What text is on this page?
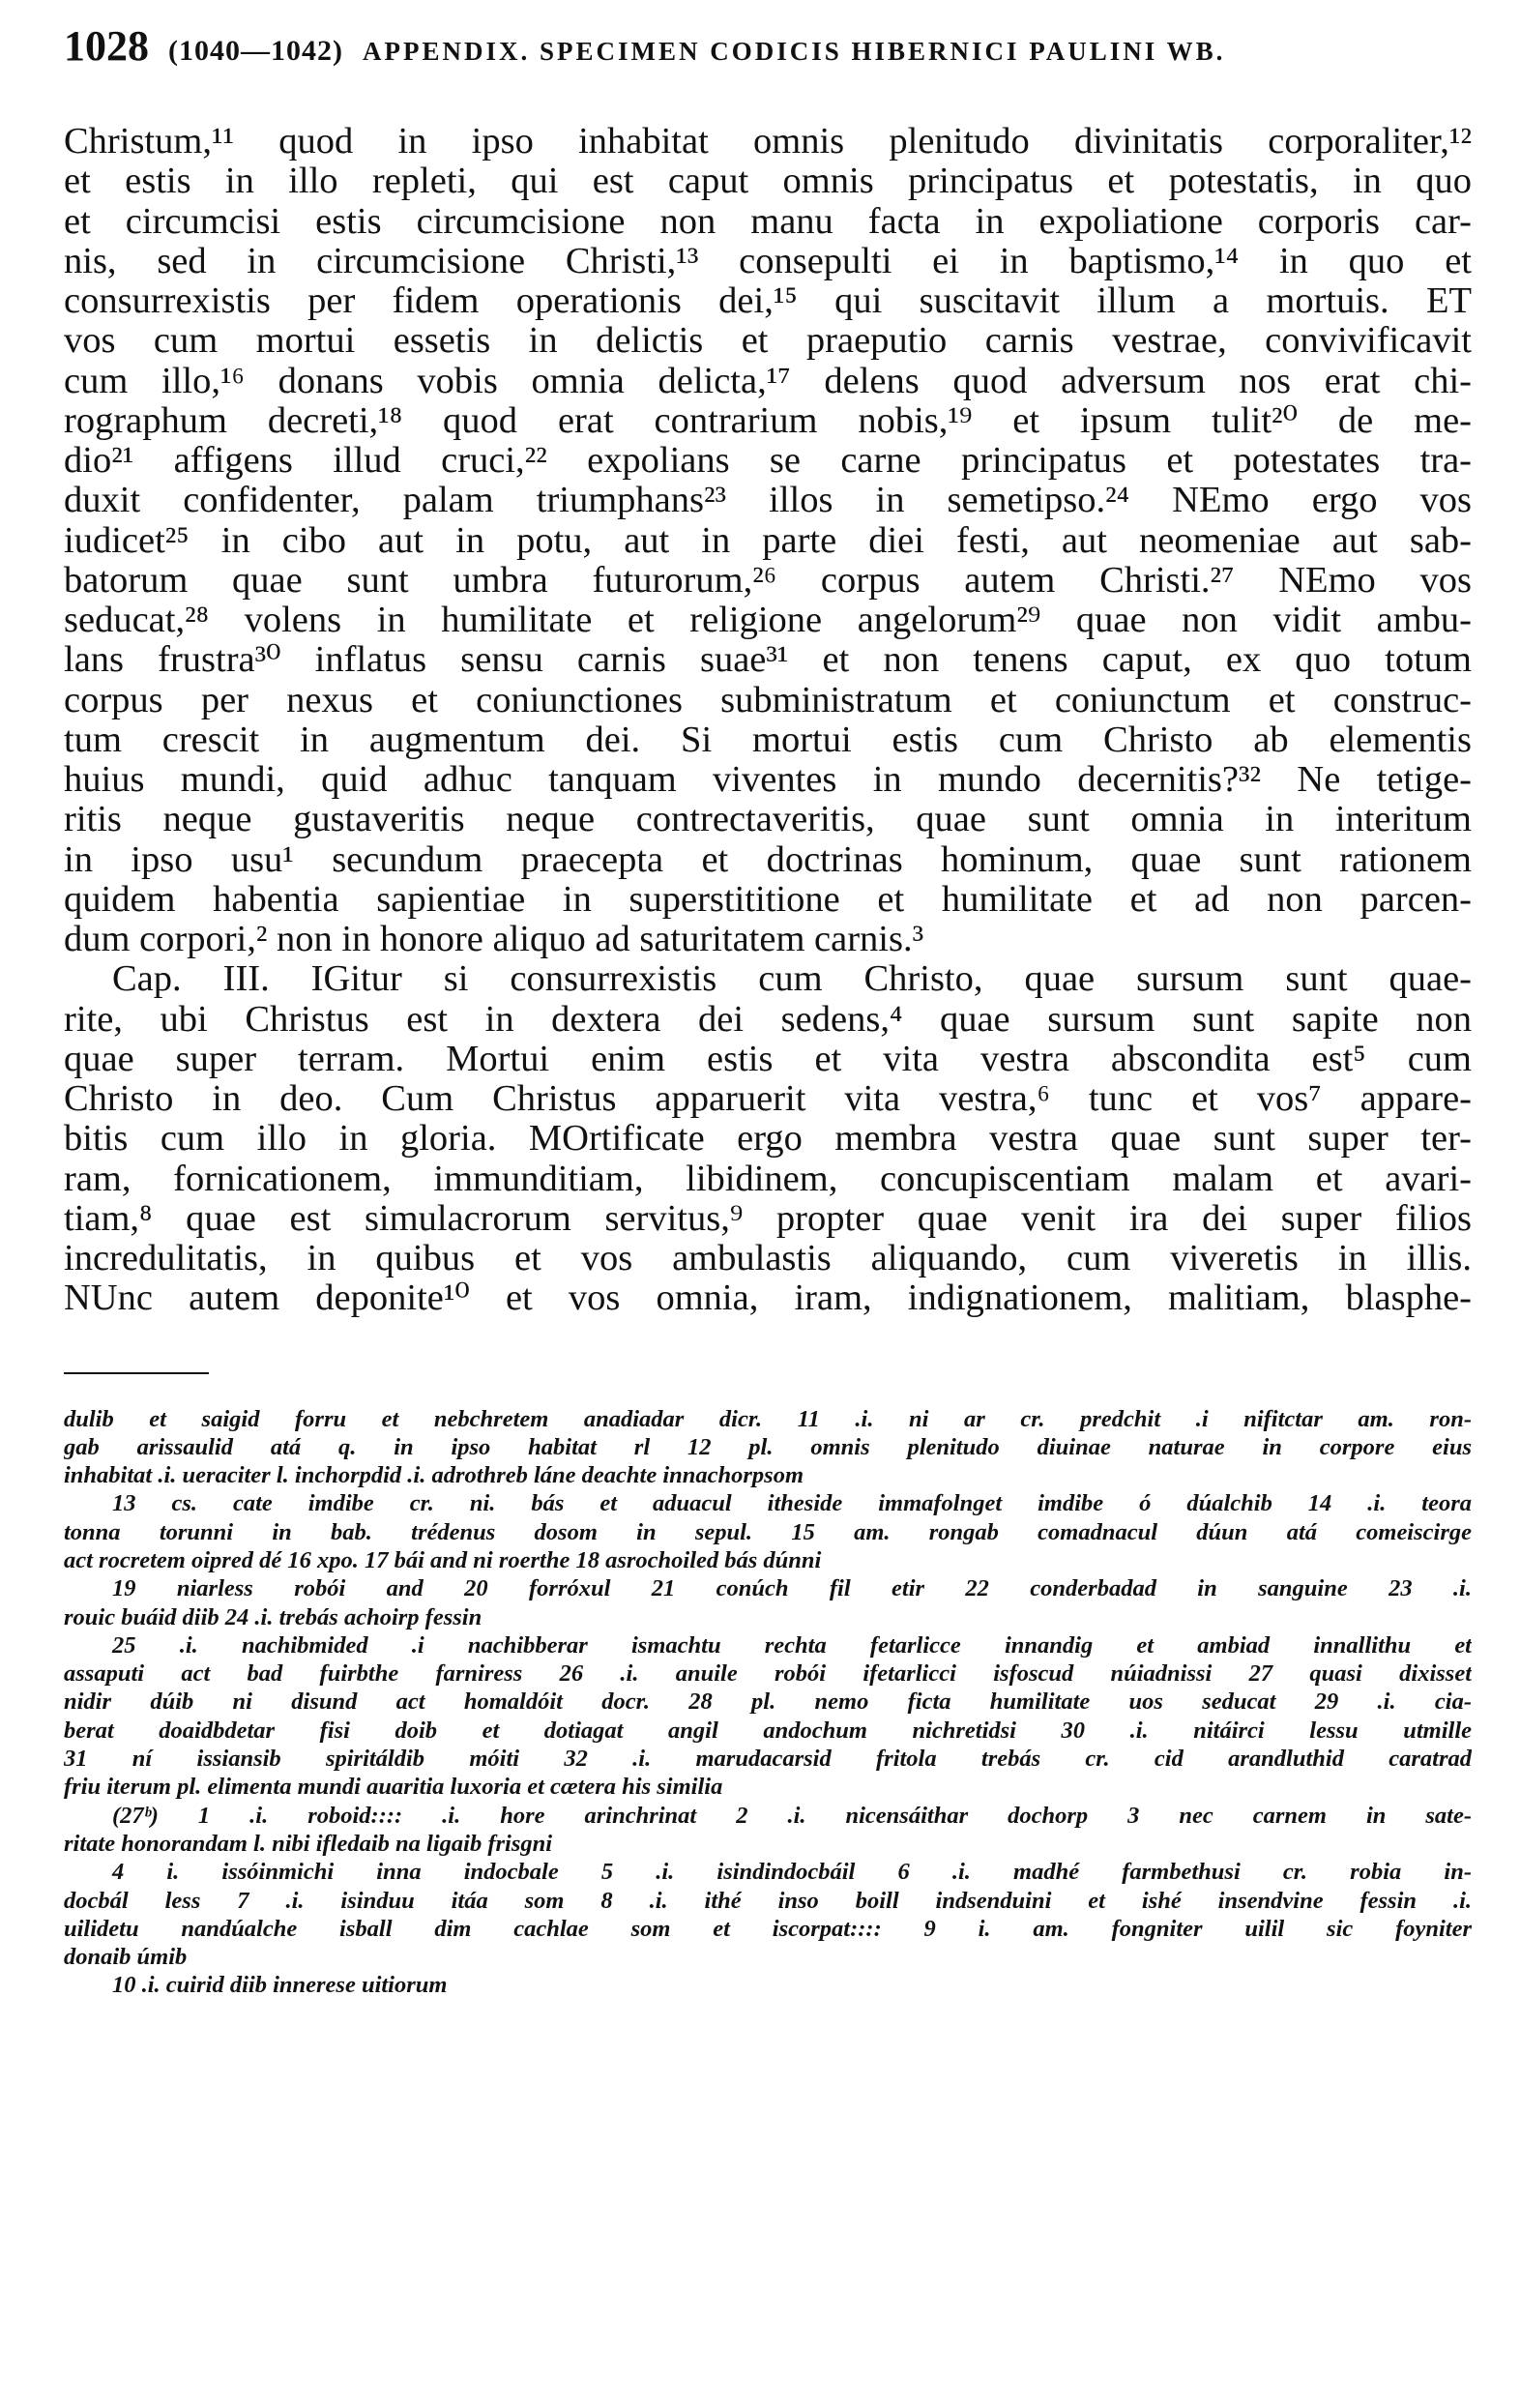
1028 (1040—1042) APPENDIX. SPECIMEN CODICIS HIBERNICI PAULINI WB.
Christum,¹¹ quod in ipso inhabitat omnis plenitudo divinitatis corporaliter,¹²
et estis in illo repleti, qui est caput omnis principatus et potestatis, in quo
et circumcisi estis circumcisione non manu facta in expoliatione corporis car-
nis, sed in circumcisione Christi,¹³ consepulti ei in baptismo,¹⁴ in quo et
consurrexistis per fidem operationis dei,¹⁵ qui suscitavit illum a mortuis. ET
vos cum mortui essetis in delictis et praeputio carnis vestrae, convivificavit
cum illo,¹⁶ donans vobis omnia delicta,¹⁷ delens quod adversum nos erat chi-
rographum decreti,¹⁸ quod erat contrarium nobis,¹⁹ et ipsum tulit²⁰ de me-
dio²¹ affigens illud cruci,²² expolians se carne principatus et potestates tra-
duxit confidenter, palam triumphans²³ illos in semetipso.²⁴ NEmo ergo vos
iudicet²⁵ in cibo aut in potu, aut in parte diei festi, aut neomeniae aut sab-
batorum quae sunt umbra futurorum,²⁶ corpus autem Christi.²⁷ NEmo vos
seducat,²⁸ volens in humilitate et religione angelorum²⁹ quae non vidit ambu-
lans frustra³⁰ inflatus sensu carnis suae³¹ et non tenens caput, ex quo totum
corpus per nexus et coniunctiones subministratum et coniunctum et construc-
tum crescit in augmentum dei. Si mortui estis cum Christo ab elementis
huius mundi, quid adhuc tanquam viventes in mundo decernitis?³² Ne tetige-
ritis neque gustaveritis neque contrectaveritis, quae sunt omnia in interitum
in ipso usu¹ secundum praecepta et doctrinas hominum, quae sunt rationem
quidem habentia sapientiae in superstititione et humilitate et ad non parcen-
dum corpori,² non in honore aliquo ad saturitatem carnis.³
Cap. III. IGitur si consurrexistis cum Christo, quae sursum sunt quae-
rite, ubi Christus est in dextera dei sedens,⁴ quae sursum sunt sapite non
quae super terram. Mortui enim estis et vita vestra abscondita est⁵ cum
Christo in deo. Cum Christus apparuerit vita vestra,⁶ tunc et vos⁷ appare-
bitis cum illo in gloria. MOrtificate ergo membra vestra quae sunt super ter-
ram, fornicationem, immunditiam, libidinem, concupiscentiam malam et avari-
tiam,⁸ quae est simulacrorum servitus,⁹ propter quae venit ira dei super filios
incredulitatis, in quibus et vos ambulastis aliquando, cum viveretis in illis.
NUnc autem deponite¹⁰ et vos omnia, iram, indignationem, malitiam, blasphe-
dulib et saigid forru et nebchretem anadiadar dicr. 11 .i. ni ar cr. predchit .i nifitctar am. ron-
gab arissaulid atá q. in ipso habitat rl 12 pl. omnis plenitudo diuinae naturae in corpore eius
inhabitat .i. ueraciter l. inchorpdid .i. adrothreb láne deachte innachorpsom
13 cs. cate imdibe cr. ni. bás et aduacul itheside immafolnget imdibe ó dúalchib 14 .i. teora
tonna torunni in bab. trédenus dosom in sepul. 15 am. rongab comadnacul dúun atá comeiscirge
act rocretem oipred dé 16 xpo. 17 bái and ni roerthe 18 asrochoiled bás dúnni
19 niarless robói and 20 forróxul 21 conúch fil etir 22 conderbadad in sanguine 23 .i.
rouic buáid diib 24 .i. trebás achoirp fessin
25 .i. nachibmided .i nachibberar ismachtu rechta fetarlicce innandig et ambiad innallithu et
assaputi act bad fuirbthe farniress 26 .i. anuile robói ifetarlicci isfoscud núiadnissi 27 quasi dixisset
nidir dúib ni disund act homaldóit docr. 28 pl. nemo ficta humilitate uos seducat 29 .i. cia-
berat doaidbdetar fisi doib et dotiagat angil andochum nichretidsi 30 .i. nitáirci lessu utmille
31 ní issiansib spiritáldib móiti 32 .i. marudacarsid fritola trebás cr. cid arandluthid caratrad
friu iterum pl. elimenta mundi auaritia luxoria et cætera his similia
(27ᵇ) 1 .i. roboid:::: .i. hore arinchrinat 2 .i. nicensáithar dochorp 3 nec carnem in sate-
ritate honorandam l. nibi ifledaib na ligaib frisgni
4 i. issóinmichi inna indocbale 5 .i. isindindocbáil 6 .i. madhé farmbethusi cr. robia in-
docbál less 7 .i. isinduu itáa som 8 .i. ithé inso boill indsenduini et ishé insendvine fessin .i.
uilidetu nandúalche isball dim cachlae som et iscorpat:::: 9 i. am. fongniter uilil sic foyniter
donaib úmib
10 .i. cuirid diib innerese uitiorum
